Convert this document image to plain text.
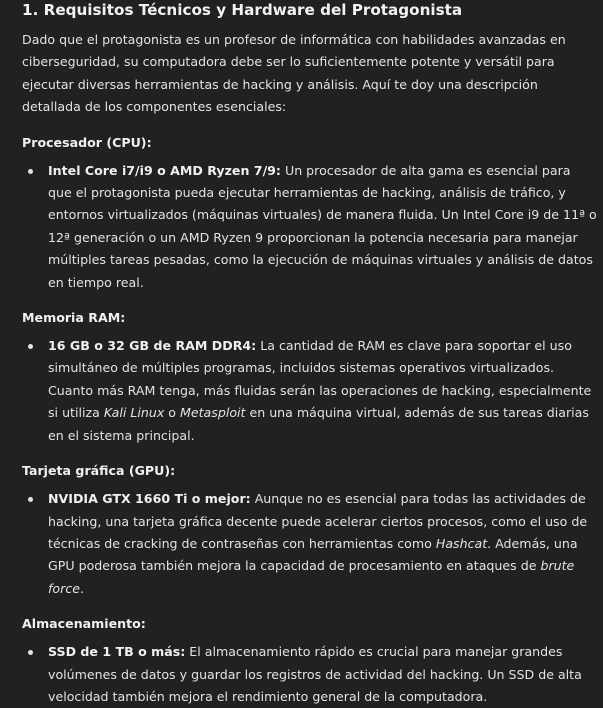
1. Requisitos Técnicos y Hardware del Protagonista

Dado que el protagonista es un profesor de informática con habilidades avanzadas en ciberseguridad, su computadora debe ser lo suficientemente potente y versátil para ejecutar diversas herramientas de hacking y análisis. Aquí te doy una descripción detallada de los componentes esenciales:

Procesador (CPU):

Intel Core i7/i9 o AMD Ryzen 7/9: Un procesador de alta gama es esencial para que el protagonista pueda ejecutar herramientas de hacking, análisis de tráfico, y entornos virtualizados (máquinas virtuales) de manera fluida. Un Intel Core i9 de 11ª o 12ª generación o un AMD Ryzen 9 proporcionan la potencia necesaria para manejar múltiples tareas pesadas, como la ejecución de máquinas virtuales y análisis de datos en tiempo real.

Memoria RAM:

16 GB o 32 GB de RAM DDR4: La cantidad de RAM es clave para soportar el uso simultáneo de múltiples programas, incluidos sistemas operativos virtualizados. Cuanto más RAM tenga, más fluidas serán las operaciones de hacking, especialmente si utiliza Kali Linux o Metasploit en una máquina virtual, además de sus tareas diarias en el sistema principal.

Tarjeta gráfica (GPU):

NVIDIA GTX 1660 Ti o mejor: Aunque no es esencial para todas las actividades de hacking, una tarjeta gráfica decente puede acelerar ciertos procesos, como el uso de técnicas de cracking de contraseñas con herramientas como Hashcat. Además, una GPU poderosa también mejora la capacidad de procesamiento en ataques de brute force.

Almacenamiento:

SSD de 1 TB o más: El almacenamiento rápido es crucial para manejar grandes volúmenes de datos y guardar los registros de actividad del hacking. Un SSD de alta velocidad también mejora el rendimiento general de la computadora.
